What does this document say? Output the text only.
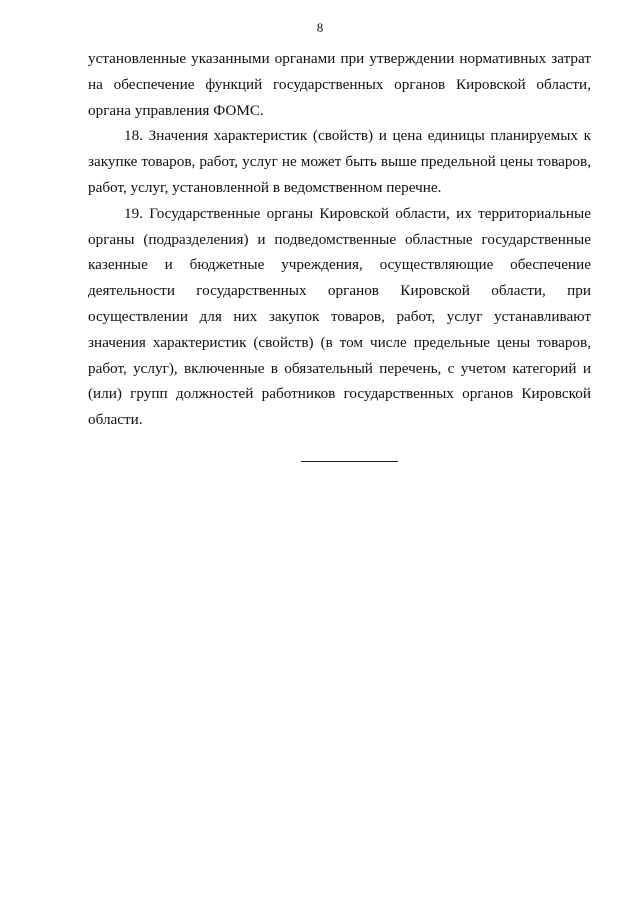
8

установленные указанными органами при утверждении нормативных затрат на обеспечение функций государственных органов Кировской области, органа управления ФОМС.

18. Значения характеристик (свойств) и цена единицы планируемых к закупке товаров, работ, услуг не может быть выше предельной цены товаров, работ, услуг, установленной в ведомственном перечне.

19. Государственные органы Кировской области, их территориальные органы (подразделения) и подведомственные областные государственные казенные и бюджетные учреждения, осуществляющие обеспечение деятельности государственных органов Кировской области, при осуществлении для них закупок товаров, работ, услуг устанавливают значения характеристик (свойств) (в том числе предельные цены товаров, работ, услуг), включенные в обязательный перечень, с учетом категорий и (или) групп должностей работников государственных органов Кировской области.
